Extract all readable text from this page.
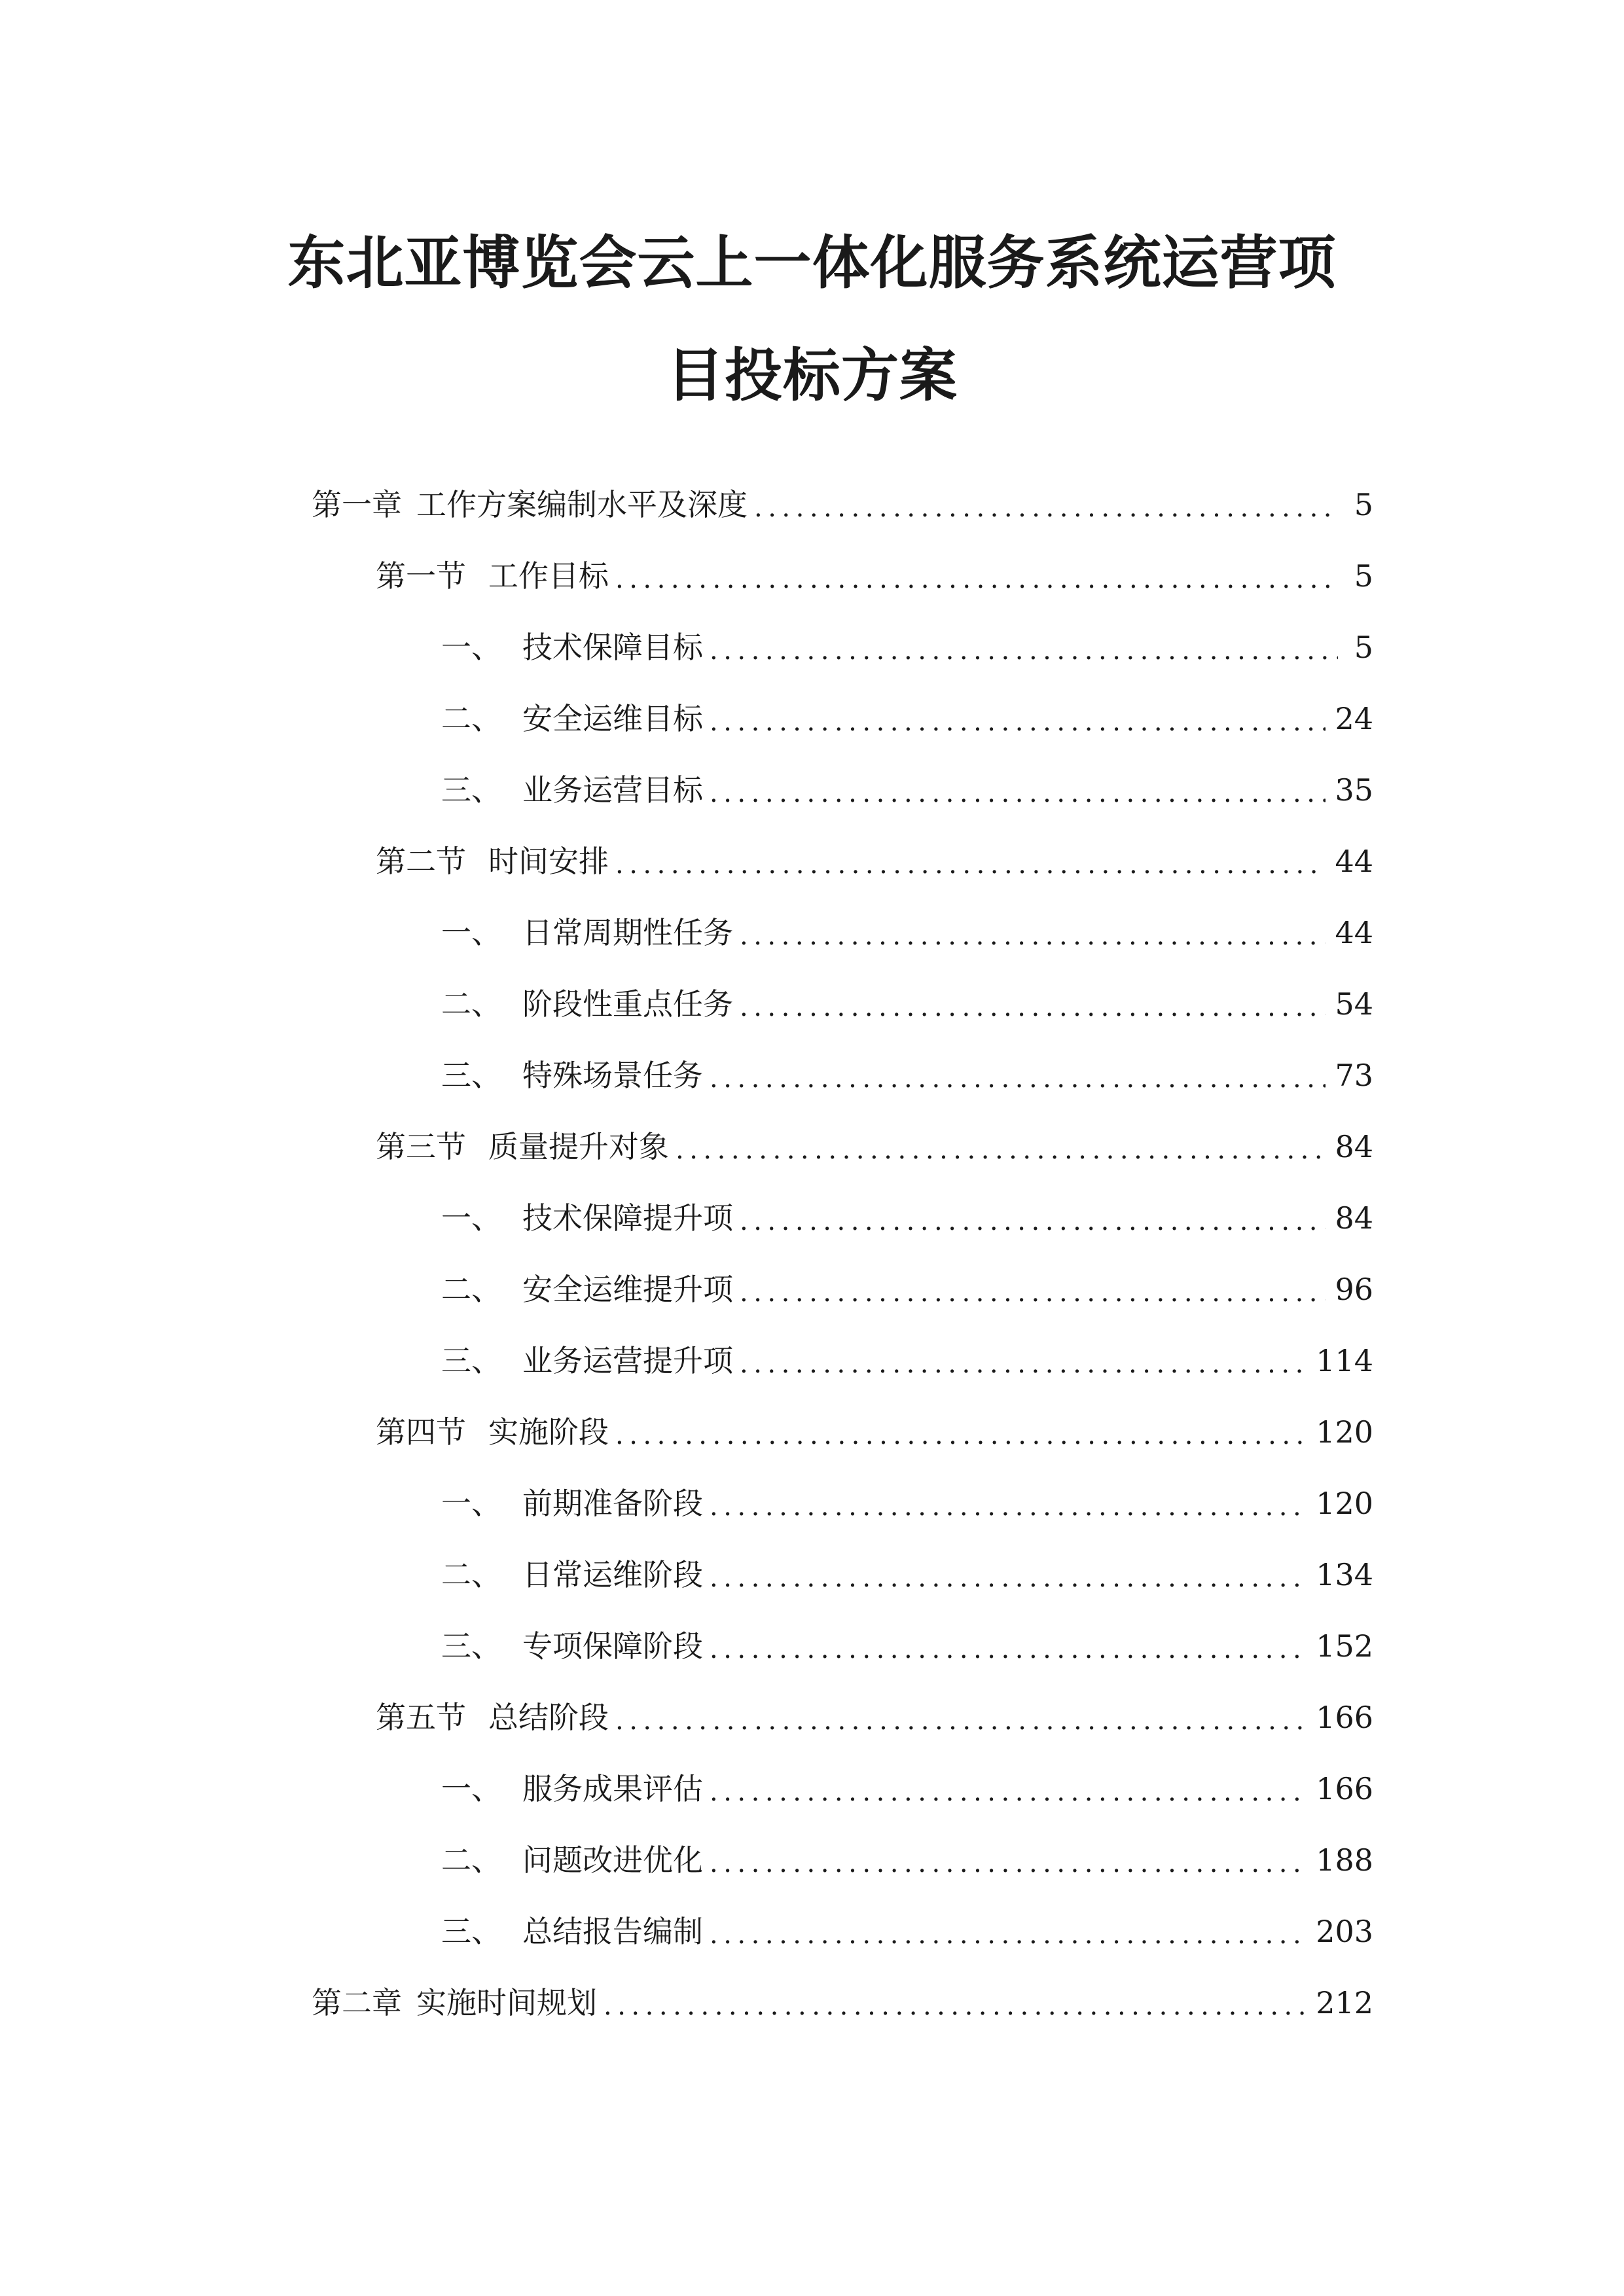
东北亚博览会云上一体化服务系统运营项
目投标方案
第一章 工作方案编制水平及深度 .....	5
第一节 工作目标 .....	5
一、 技术保障目标 .....	5
二、 安全运维目标 .....	24
三、 业务运营目标 .....	35
第二节 时间安排 .....	44
一、 日常周期性任务 .....	44
二、 阶段性重点任务 .....	54
三、 特殊场景任务 .....	73
第三节 质量提升对象 .....	84
一、 技术保障提升项 .....	84
二、 安全运维提升项 .....	96
三、 业务运营提升项 .....	114
第四节 实施阶段 .....	120
一、 前期准备阶段 .....	120
二、 日常运维阶段 .....	134
三、 专项保障阶段 .....	152
第五节 总结阶段 .....	166
一、 服务成果评估 .....	166
二、 问题改进优化 .....	188
三、 总结报告编制 .....	203
第二章 实施时间规划 .....	212
